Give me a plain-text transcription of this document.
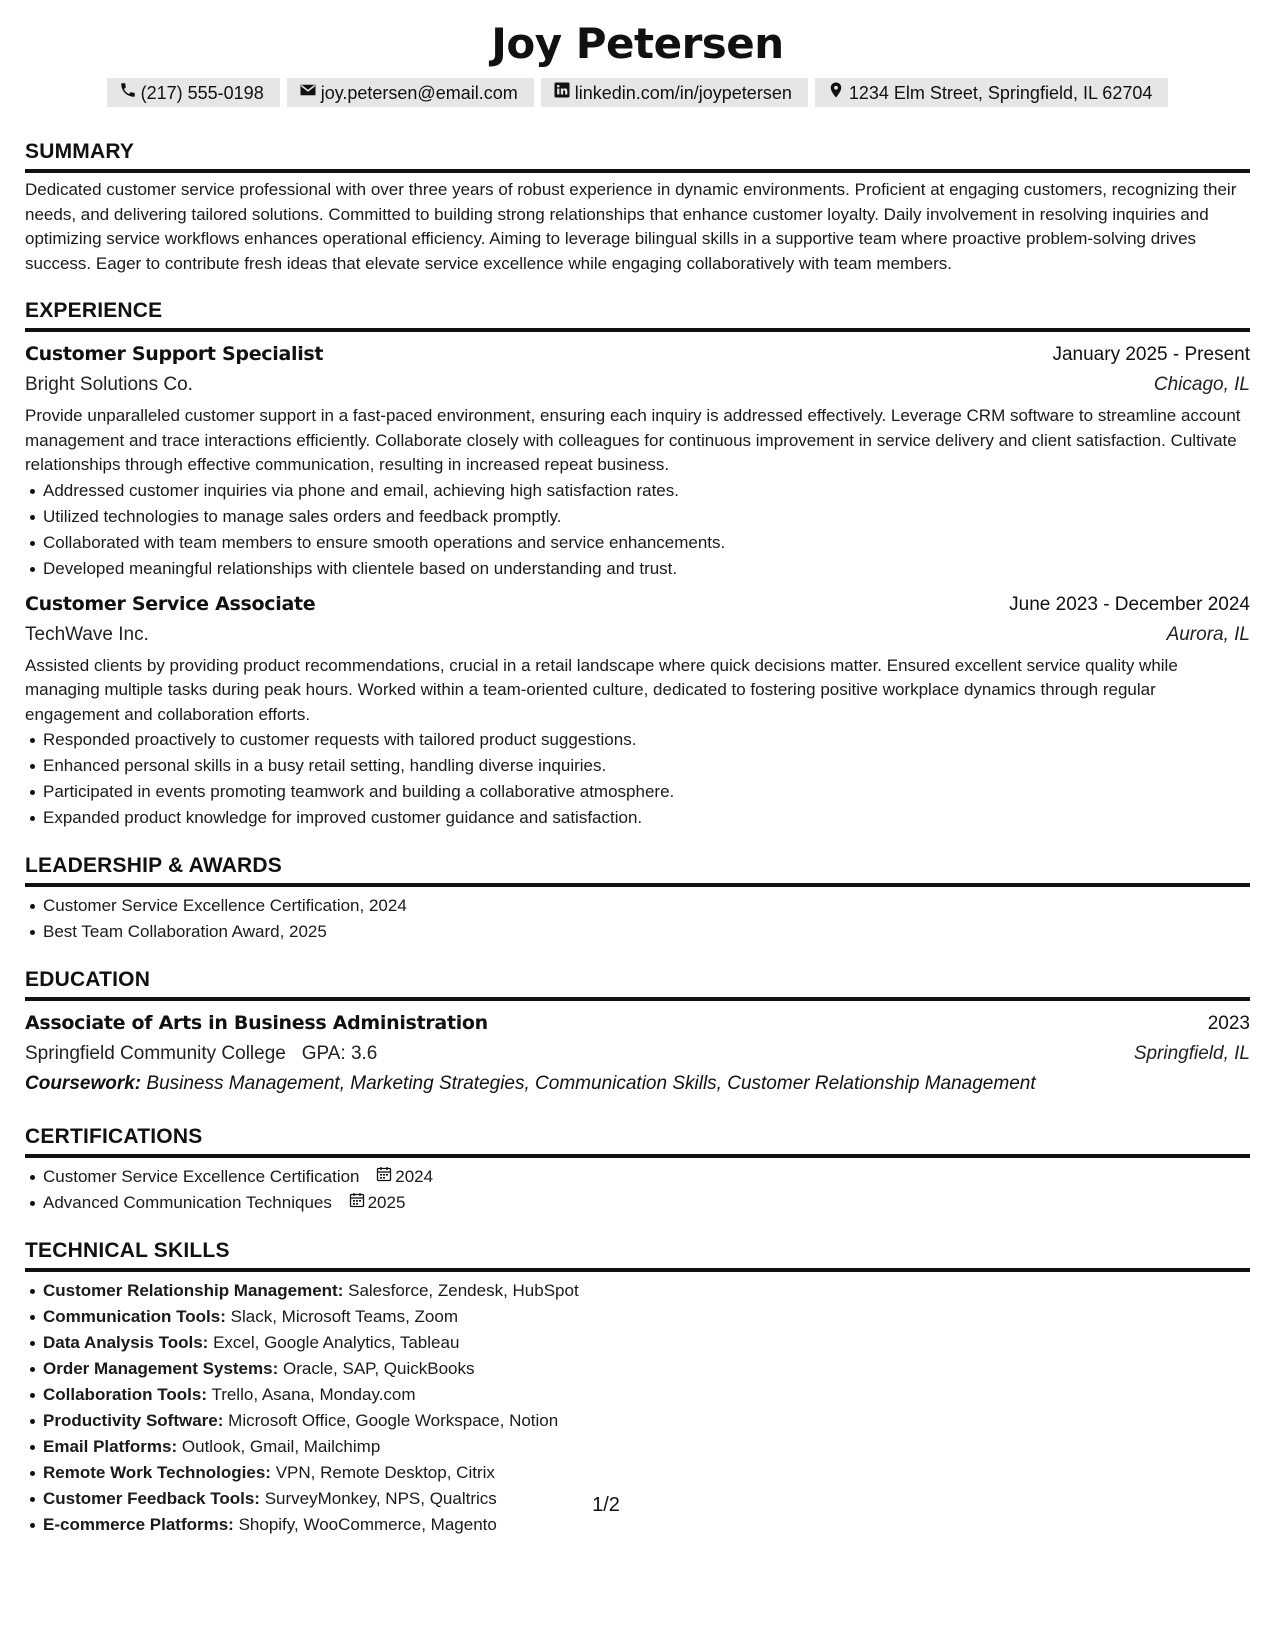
Joy Petersen
(217) 555-0198	joy.petersen@email.com	linkedin.com/in/joypetersen	1234 Elm Street, Springfield, IL 62704
SUMMARY

Dedicated customer service professional with over three years of robust experience in dynamic environments. Proficient at engaging customers, recognizing their needs, and delivering tailored solutions. Committed to building strong relationships that enhance customer loyalty. Daily involvement in resolving inquiries and optimizing service workflows enhances operational efficiency. Aiming to leverage bilingual skills in a supportive team where proactive problem-solving drives success. Eager to contribute fresh ideas that elevate service excellence while engaging collaboratively with team members.

EXPERIENCE
Customer Support Specialist	January 2025 - Present
Bright Solutions Co.	Chicago, IL

Provide unparalleled customer support in a fast-paced environment, ensuring each inquiry is addressed effectively. Leverage CRM software to streamline account management and trace interactions efficiently. Collaborate closely with colleagues for continuous improvement in service delivery and client satisfaction. Cultivate relationships through effective communication, resulting in increased repeat business.

Addressed customer inquiries via phone and email, achieving high satisfaction rates.
Utilized technologies to manage sales orders and feedback promptly.
Collaborated with team members to ensure smooth operations and service enhancements.
Developed meaningful relationships with clientele based on understanding and trust.
Customer Service Associate	June 2023 - December 2024
TechWave Inc.	Aurora, IL

Assisted clients by providing product recommendations, crucial in a retail landscape where quick decisions matter. Ensured excellent service quality while managing multiple tasks during peak hours. Worked within a team-oriented culture, dedicated to fostering positive workplace dynamics through regular engagement and collaboration efforts.

Responded proactively to customer requests with tailored product suggestions.
Enhanced personal skills in a busy retail setting, handling diverse inquiries.
Participated in events promoting teamwork and building a collaborative atmosphere.
Expanded product knowledge for improved customer guidance and satisfaction.
LEADERSHIP & AWARDS
Customer Service Excellence Certification, 2024
Best Team Collaboration Award, 2025
EDUCATION
Associate of Arts in Business Administration	2023
Springfield Community College GPA: 3.6	Springfield, IL
Coursework: Business Management, Marketing Strategies, Communication Skills, Customer Relationship Management
CERTIFICATIONS
Customer Service Excellence Certification 2024
Advanced Communication Techniques 2025
TECHNICAL SKILLS
Customer Relationship Management: Salesforce, Zendesk, HubSpot
Communication Tools: Slack, Microsoft Teams, Zoom
Data Analysis Tools: Excel, Google Analytics, Tableau
Order Management Systems: Oracle, SAP, QuickBooks
Collaboration Tools: Trello, Asana, Monday.com
Productivity Software: Microsoft Office, Google Workspace, Notion
Email Platforms: Outlook, Gmail, Mailchimp
Remote Work Technologies: VPN, Remote Desktop, Citrix
Customer Feedback Tools: SurveyMonkey, NPS, Qualtrics
E-commerce Platforms: Shopify, WooCommerce, Magento
1/2
